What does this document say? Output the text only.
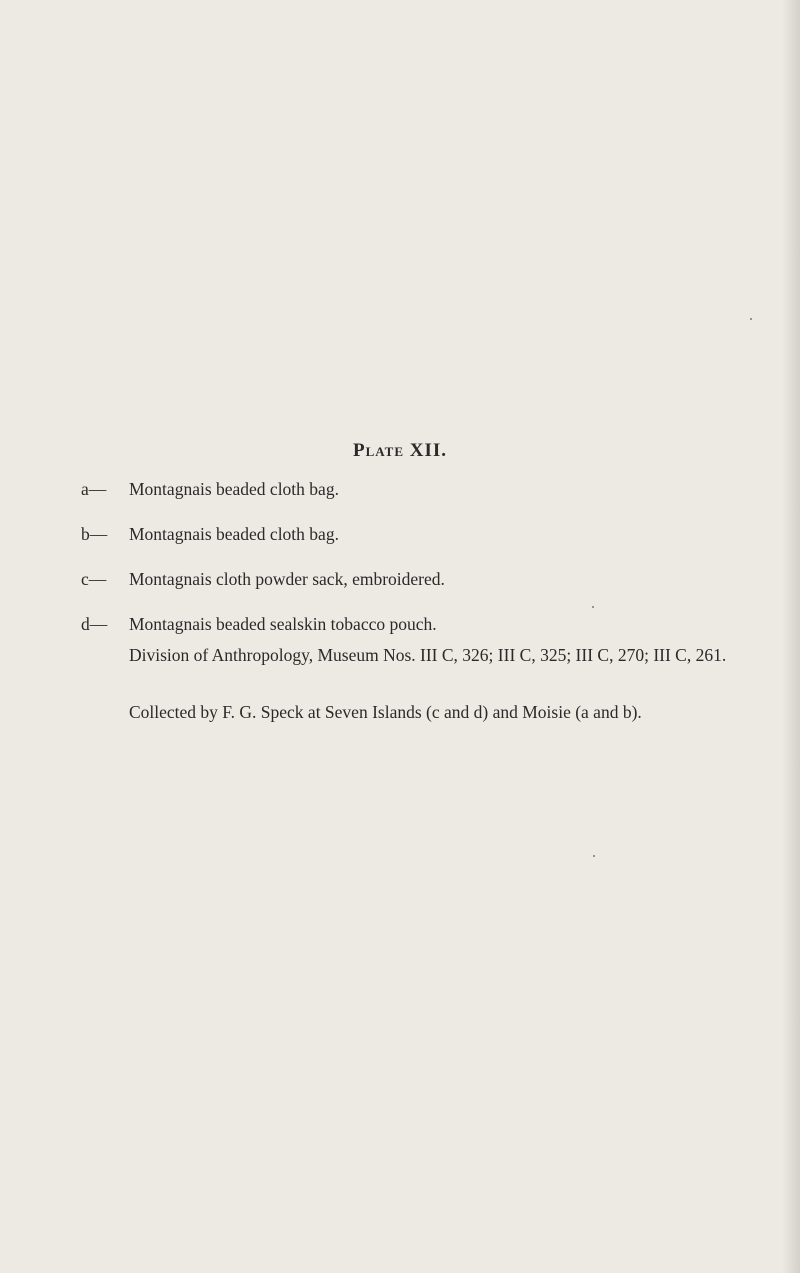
Plate XII.
a—	Montagnais beaded cloth bag.
b—	Montagnais beaded cloth bag.
c—	Montagnais cloth powder sack, embroidered.
d—	Montagnais beaded sealskin tobacco pouch.

Division of Anthropology, Museum Nos. III C, 326; III C, 325; III C, 270; III C, 261.

Collected by F. G. Speck at Seven Islands (c and d) and Moisie (a and b).
